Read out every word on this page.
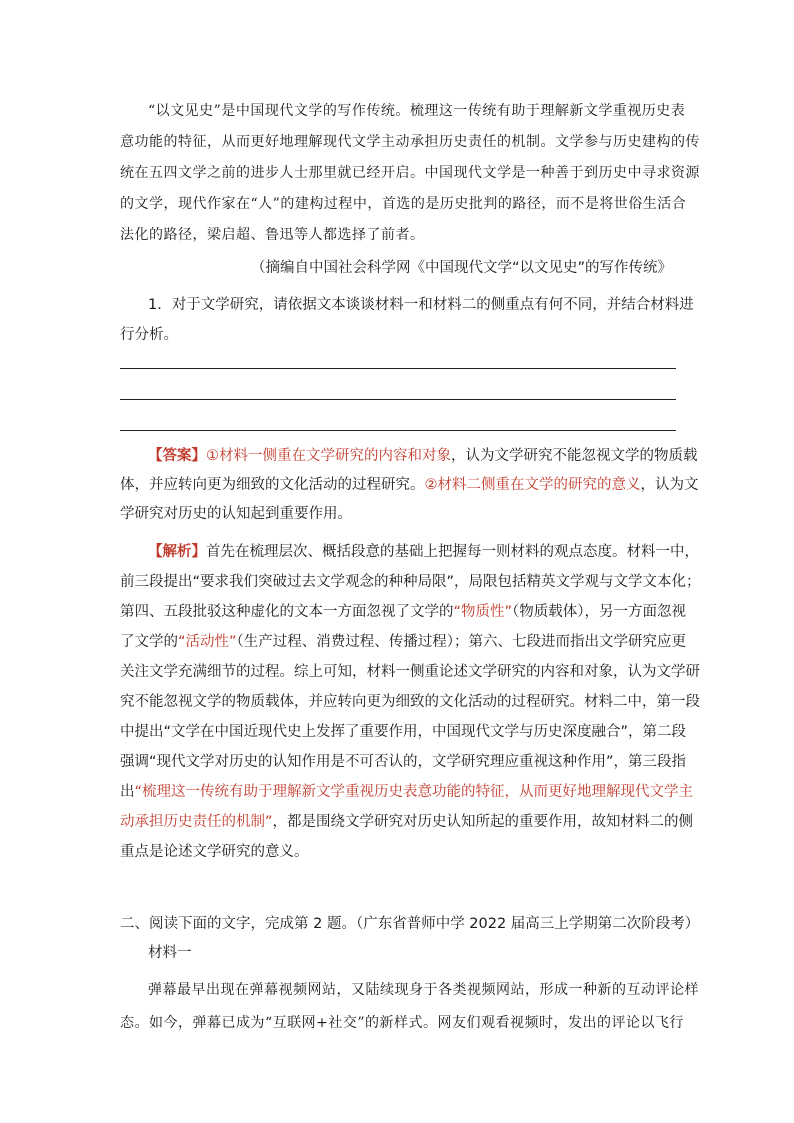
“以文见史”是中国现代文学的写作传统。梳理这一传统有助于理解新文学重视历史表
意功能的特征，从而更好地理解现代文学主动承担历史责任的机制。文学参与历史建构的传
统在五四文学之前的进步人士那里就已经开启。中国现代文学是一种善于到历史中寻求资源
的文学，现代作家在“人”的建构过程中，首选的是历史批判的路径，而不是将世俗生活合
法化的路径，梁启超、鲁迅等人都选择了前者。
（摘编自中国社会科学网《中国现代文学“以文见史”的写作传统》
1．对于文学研究，请依据文本谈谈材料一和材料二的侧重点有何不同，并结合材料进
行分析。
【答案】①材料一侧重在文学研究的内容和对象，认为文学研究不能忽视文学的物质载
体，并应转向更为细致的文化活动的过程研究。②材料二侧重在文学的研究的意义，认为文
学研究对历史的认知起到重要作用。
【解析】首先在梳理层次、概括段意的基础上把握每一则材料的观点态度。材料一中，
前三段提出“要求我们突破过去文学观念的种种局限”，局限包括精英文学观与文学文本化；
第四、五段批驳这种虚化的文本一方面忽视了文学的“物质性”（物质载体），另一方面忽视
了文学的“活动性”（生产过程、消费过程、传播过程）；第六、七段进而指出文学研究应更
关注文学充满细节的过程。综上可知，材料一侧重论述文学研究的内容和对象，认为文学研
究不能忽视文学的物质载体，并应转向更为细致的文化活动的过程研究。材料二中，第一段
中提出“文学在中国近现代史上发挥了重要作用，中国现代文学与历史深度融合”，第二段
强调“现代文学对历史的认知作用是不可否认的，文学研究理应重视这种作用”，第三段指
出“梳理这一传统有助于理解新文学重视历史表意功能的特征，从而更好地理解现代文学主
动承担历史责任的机制”，都是围绕文学研究对历史认知所起的重要作用，故知材料二的侧
重点是论述文学研究的意义。
二、阅读下面的文字，完成第 2 题。（广东省普师中学 2022 届高三上学期第二次阶段考）
材料一
弹幕最早出现在弹幕视频网站，又陆续现身于各类视频网站，形成一种新的互动评论样
态。如今，弹幕已成为“互联网+社交”的新样式。网友们观看视频时，发出的评论以飞行
